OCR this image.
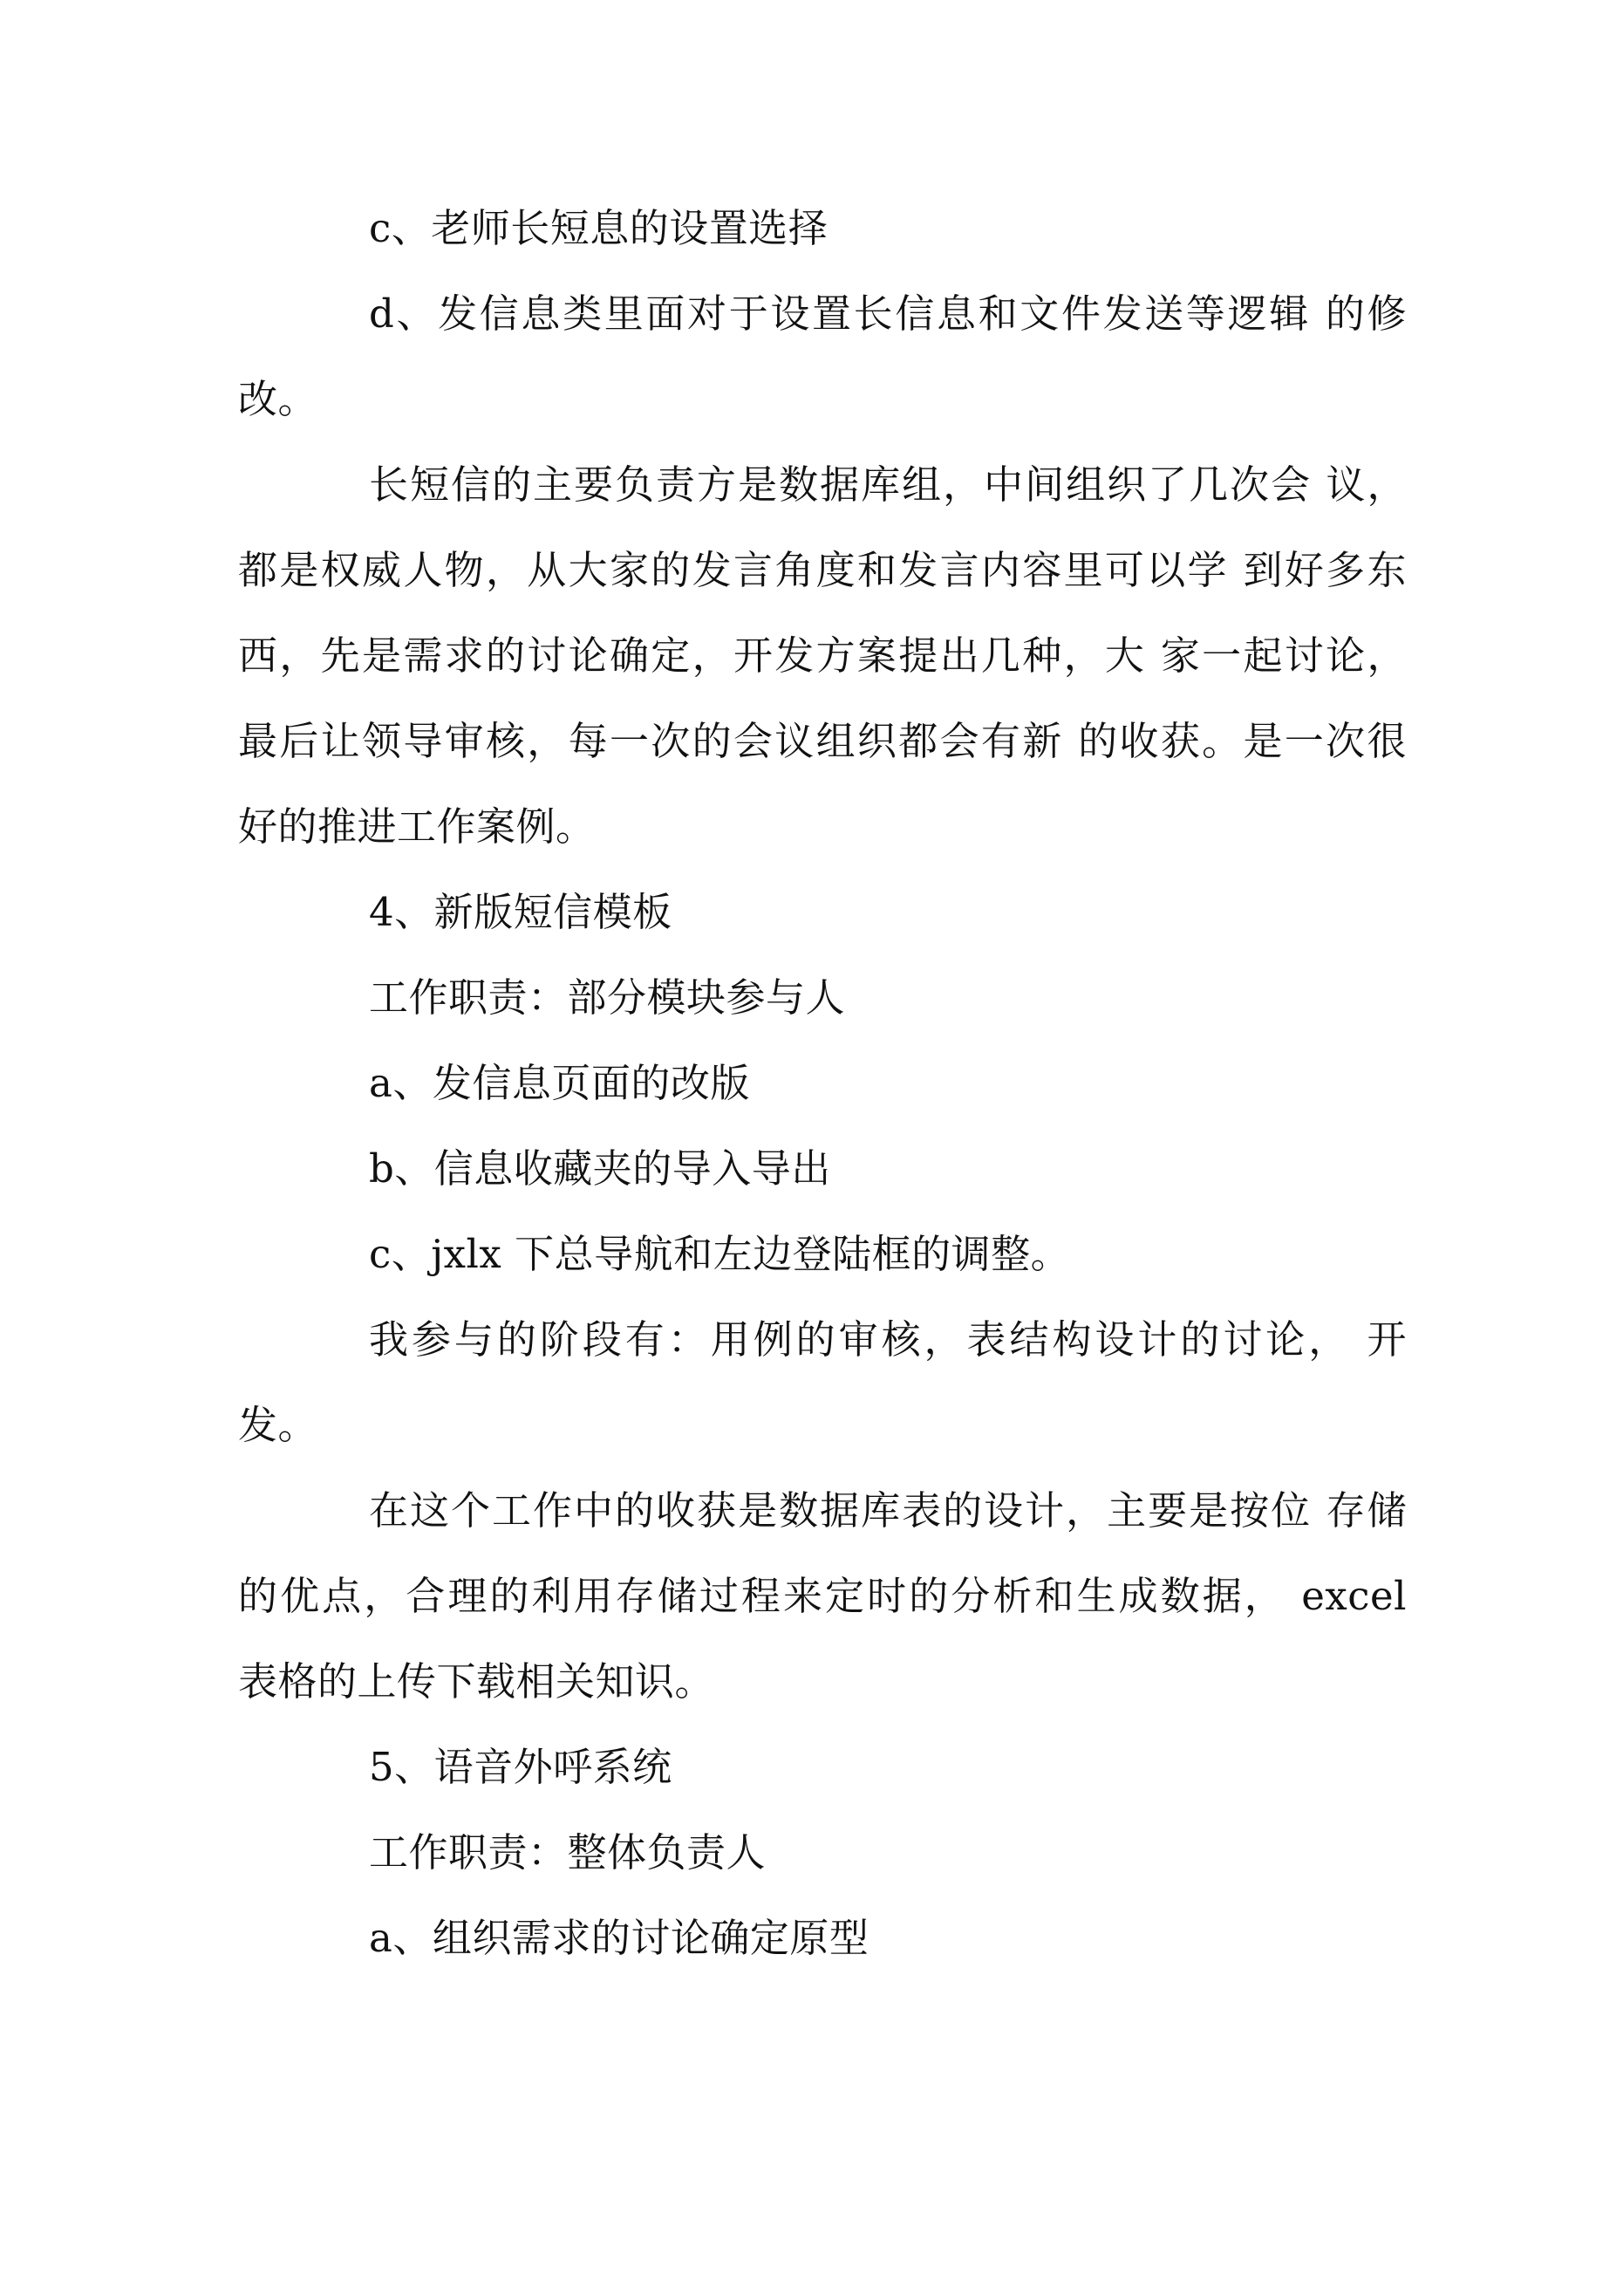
c、老师长短息的设置选择
d、发信息类里面对于设置长信息和文件发送等逻辑 的修
改。
长短信的主要负责方是数据库组，中间组织了几次会 议，
都是权威人物，从大家的发言角度和发言内容里可以学 到好多东
西，先是需求的讨论确定，开发方案提出几种，大 家一起讨论，
最后让领导审核，每一次的会议组织都会有新 的收获。是一次很
好的推进工作案例。
4、新版短信模板
工作职责：部分模块参与人
a、发信息页面的改版
b、信息收藏夹的导入导出
c、jxlx 下总导航和左边登陆框的调整。
我参与的阶段有：用例的审核，表结构设计的讨论， 开
发。
在这个工作中的收获是数据库表的设计，主要是按位 存储
的优点，合理的利用存储过程来定时的分析和生成数据， excel
表格的上传下载相关知识。
5、语音外呼系统
工作职责：整体负责人
a、组织需求的讨论确定原型
